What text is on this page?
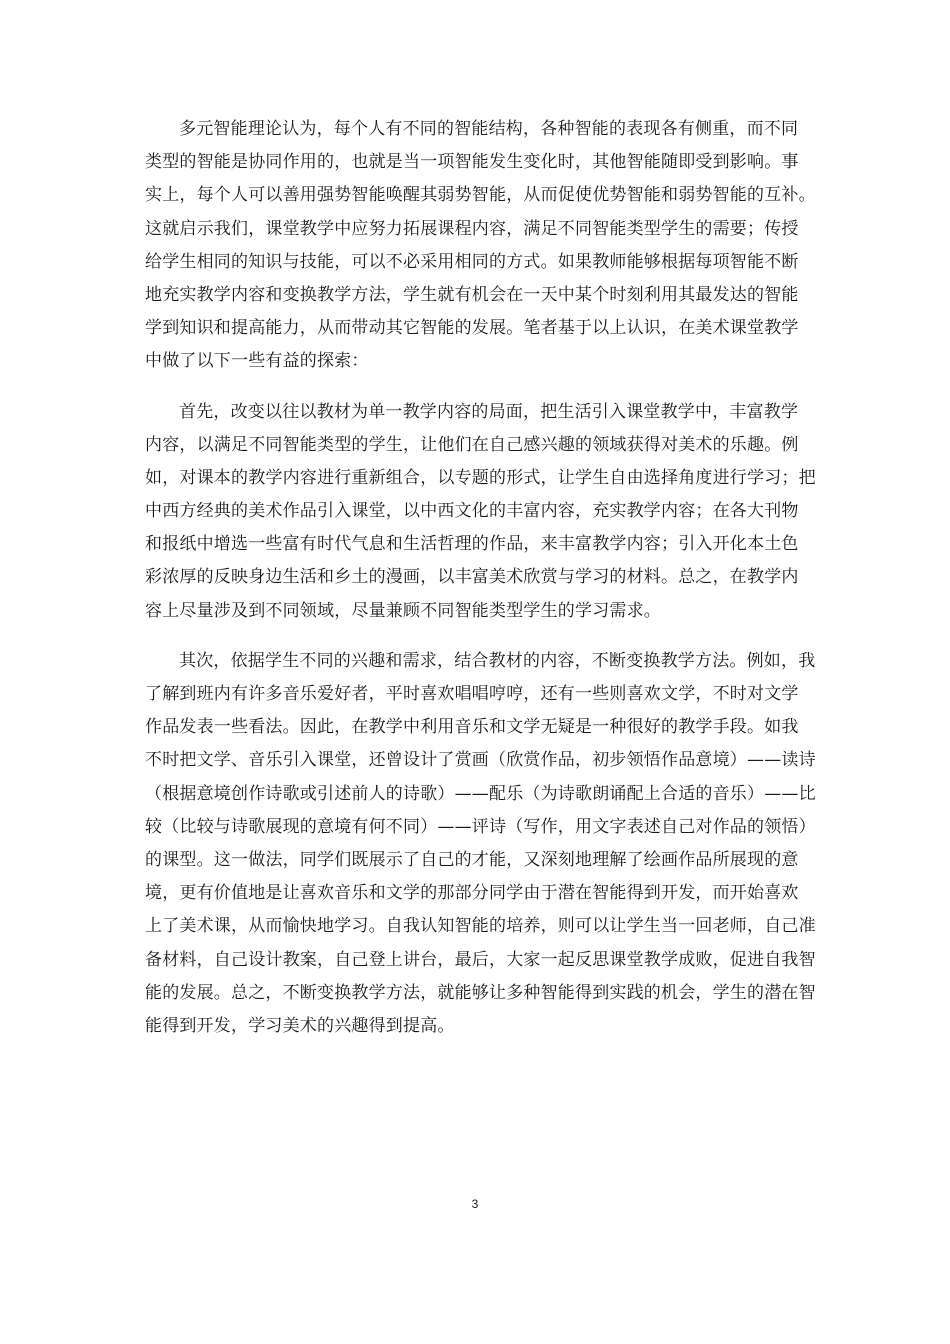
多元智能理论认为，每个人有不同的智能结构，各种智能的表现各有侧重，而不同
类型的智能是协同作用的，也就是当一项智能发生变化时，其他智能随即受到影响。事
实上，每个人可以善用强势智能唤醒其弱势智能，从而促使优势智能和弱势智能的互补。
这就启示我们，课堂教学中应努力拓展课程内容，满足不同智能类型学生的需要；传授
给学生相同的知识与技能，可以不必采用相同的方式。如果教师能够根据每项智能不断
地充实教学内容和变换教学方法，学生就有机会在一天中某个时刻利用其最发达的智能
学到知识和提高能力，从而带动其它智能的发展。笔者基于以上认识，在美术课堂教学
中做了以下一些有益的探索：
首先，改变以往以教材为单一教学内容的局面，把生活引入课堂教学中，丰富教学
内容，以满足不同智能类型的学生，让他们在自己感兴趣的领域获得对美术的乐趣。例
如，对课本的教学内容进行重新组合，以专题的形式，让学生自由选择角度进行学习；把
中西方经典的美术作品引入课堂，以中西文化的丰富内容，充实教学内容；在各大刊物
和报纸中增选一些富有时代气息和生活哲理的作品，来丰富教学内容；引入开化本土色
彩浓厚的反映身边生活和乡土的漫画，以丰富美术欣赏与学习的材料。总之，在教学内
容上尽量涉及到不同领域，尽量兼顾不同智能类型学生的学习需求。
其次，依据学生不同的兴趣和需求，结合教材的内容，不断变换教学方法。例如，我
了解到班内有许多音乐爱好者，平时喜欢唱唱哼哼，还有一些则喜欢文学，不时对文学
作品发表一些看法。因此，在教学中利用音乐和文学无疑是一种很好的教学手段。如我
不时把文学、音乐引入课堂，还曾设计了赏画（欣赏作品，初步领悟作品意境）——读诗
（根据意境创作诗歌或引述前人的诗歌）——配乐（为诗歌朗诵配上合适的音乐）——比
较（比较与诗歌展现的意境有何不同）——评诗（写作，用文字表述自己对作品的领悟）
的课型。这一做法，同学们既展示了自己的才能，又深刻地理解了绘画作品所展现的意
境，更有价值地是让喜欢音乐和文学的那部分同学由于潜在智能得到开发，而开始喜欢
上了美术课，从而愉快地学习。自我认知智能的培养，则可以让学生当一回老师，自己准
备材料，自己设计教案，自己登上讲台，最后，大家一起反思课堂教学成败，促进自我智
能的发展。总之，不断变换教学方法，就能够让多种智能得到实践的机会，学生的潜在智
能得到开发，学习美术的兴趣得到提高。
3
